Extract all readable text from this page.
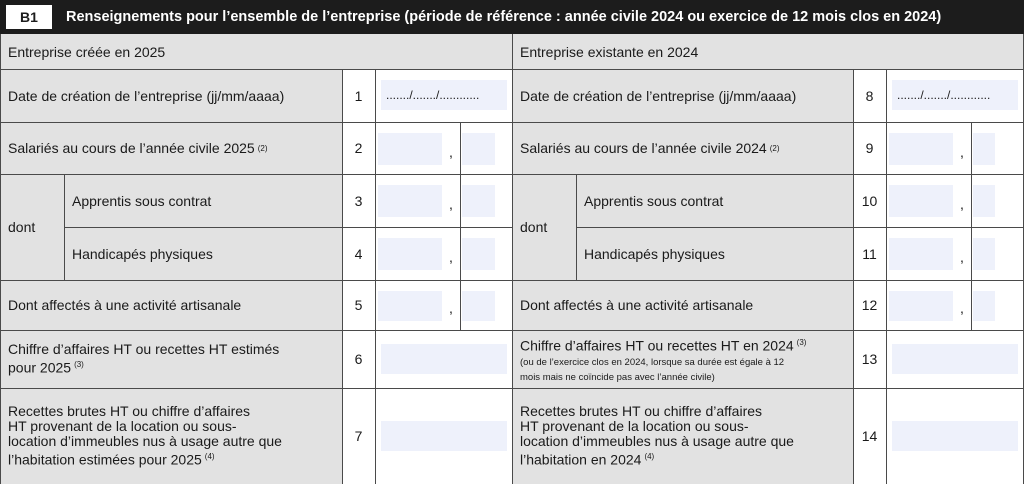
B1	Renseignements pour l’ensemble de l’entreprise (période de référence : année civile 2024 ou exercice de 12 mois clos en 2024)
Entreprise créée en 2025
Date de création de l’entreprise (jj/mm/aaaa)	1	......./......./............
Salariés au cours de l’année civile 2025 (2)	2	,
dont
Apprentis sous contrat	3	,
Handicapés physiques	4	,
Dont affectés à une activité artisanale	5	,
Chiffre d’affaires HT ou recettes HT estimés
pour 2025 $^{(3)}$	6
Recettes brutes HT ou chiffre d’affaires
HT provenant de la location ou sous-
location d’immeubles nus à usage autre que
l’habitation estimées pour 2025 $^{(4)}$
7
Entreprise existante en 2024
Date de création de l’entreprise (jj/mm/aaaa)	8	......./......./............
Salariés au cours de l’année civile 2024 (2)	9	,
dont
Apprentis sous contrat	10	,
Handicapés physiques	11	,
Dont affectés à une activité artisanale	12	,
Chiffre d’affaires HT ou recettes HT en 2024 $^{(3)}$
(ou de l’exercice clos en 2024, lorsque sa durée est égale à 12
mois mais ne coïncide pas avec l’année civile)
13
Recettes brutes HT ou chiffre d’affaires
HT provenant de la location ou sous-
location d’immeubles nus à usage autre que
l’habitation en 2024 $^{(4)}$
14
